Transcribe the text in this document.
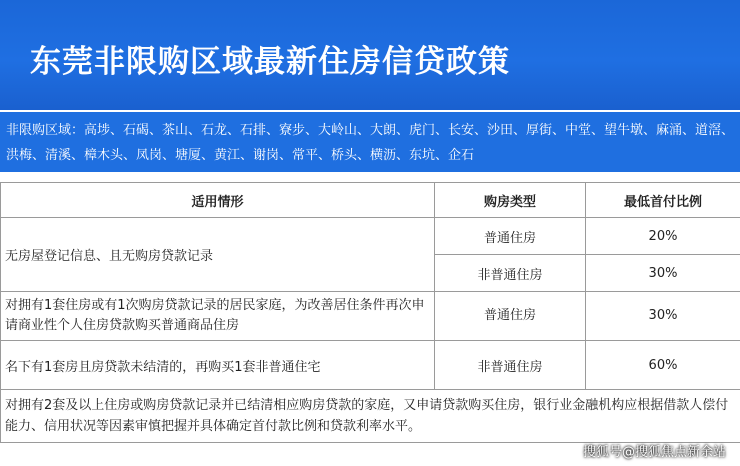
东莞非限购区域最新住房信贷政策
非限购区域：高埗、石碣、茶山、石龙、石排、寮步、大岭山、大朗、虎门、长安、沙田、厚街、中堂、望牛墩、麻涌、道滘、洪梅、清溪、樟木头、凤岗、塘厦、黄江、谢岗、常平、桥头、横沥、东坑、企石
适用情形	购房类型	最低首付比例
无房屋登记信息、且无购房贷款记录	普通住房	20%
	非普通住房	30%
对拥有1套住房或有1次购房贷款记录的居民家庭，为改善居住条件再次申请商业性个人住房贷款购买普通商品住房	普通住房	30%
名下有1套房且房贷款未结清的，再购买1套非普通住宅	非普通住房	60%
对拥有2套及以上住房或购房贷款记录并已结清相应购房贷款的家庭，又申请贷款购买住房，银行业金融机构应根据借款人偿付能力、信用状况等因素审慎把握并具体确定首付款比例和贷款利率水平。		
搜狐号@搜狐焦点新余站
